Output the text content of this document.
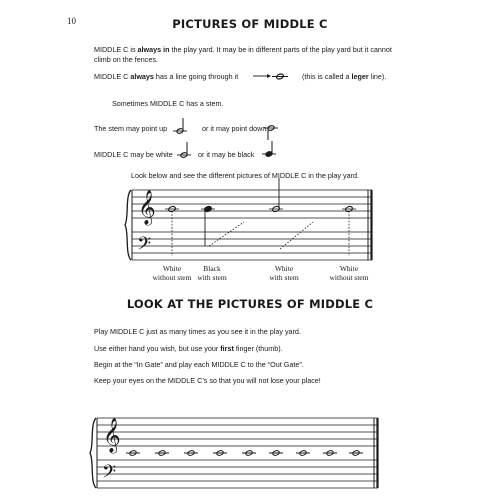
10	PICTURES OF MIDDLE C
MIDDLE C is always in the play yard. It may be in different parts of the play yard but it cannot
climb on the fences.
MIDDLE C always has a line going through it	(this is called a leger line).
Sometimes MIDDLE C has a stem.
The stem may point up	or it may point down
MIDDLE C may be white	or it may be black
Look below and see the different pictures of MIDDLE C in the play yard.
𝄞
𝄢
𝄞
𝄢
White
without stem
Black
with stem
White
with stem
White
without stem
LOOK AT THE PICTURES OF MIDDLE C
Play MIDDLE C just as many times as you see it in the play yard.
Use either hand you wish, but use your first finger (thumb).
Begin at the “In Gate” and play each MIDDLE C to the “Out Gate”.
Keep your eyes on the MIDDLE C’s so that you will not lose your place!
